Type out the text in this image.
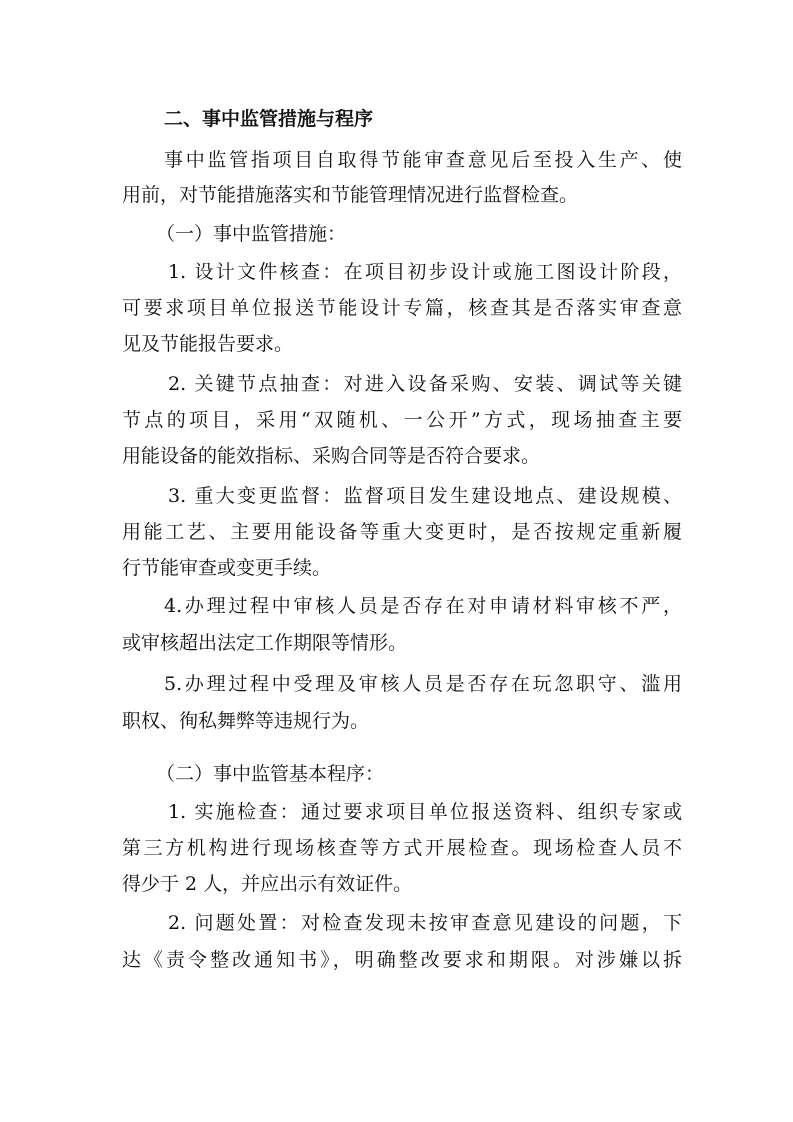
二、事中监管措施与程序

事中监管指项目自取得节能审查意见后至投入生产、使

用前，对节能措施落实和节能管理情况进行监督检查。

（一）事中监管措施：

1. 设计文件核查：在项目初步设计或施工图设计阶段，

可要求项目单位报送节能设计专篇，核查其是否落实审查意

见及节能报告要求。

2. 关键节点抽查：对进入设备采购、安装、调试等关键

节点的项目，采用“双随机、一公开”方式，现场抽查主要

用能设备的能效指标、采购合同等是否符合要求。

3. 重大变更监督：监督项目发生建设地点、建设规模、

用能工艺、主要用能设备等重大变更时，是否按规定重新履

行节能审查或变更手续。

4.办理过程中审核人员是否存在对申请材料审核不严，

或审核超出法定工作期限等情形。

5.办理过程中受理及审核人员是否存在玩忽职守、滥用

职权、徇私舞弊等违规行为。

（二）事中监管基本程序：

1. 实施检查：通过要求项目单位报送资料、组织专家或

第三方机构进行现场核查等方式开展检查。现场检查人员不

得少于 2 人，并应出示有效证件。

2. 问题处置：对检查发现未按审查意见建设的问题，下

达《责令整改通知书》，明确整改要求和期限。对涉嫌以拆
